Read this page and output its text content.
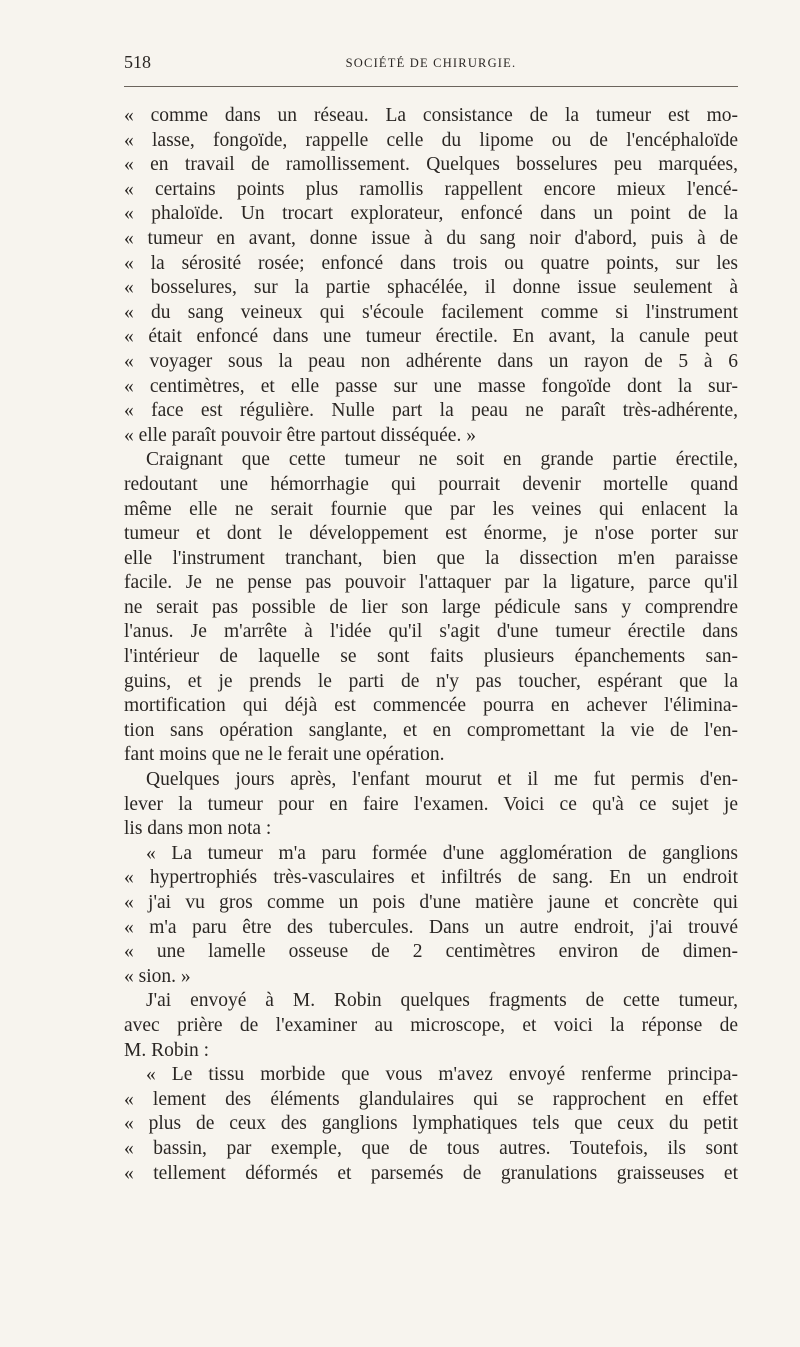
518	SOCIÉTÉ DE CHIRURGIE.
« comme dans un réseau. La consistance de la tumeur est mo-
« lasse, fongoïde, rappelle celle du lipome ou de l'encéphaloïde
« en travail de ramollissement. Quelques bosselures peu marquées,
« certains points plus ramollis rappellent encore mieux l'encé-
« phaloïde. Un trocart explorateur, enfoncé dans un point de la
« tumeur en avant, donne issue à du sang noir d'abord, puis à de
« la sérosité rosée; enfoncé dans trois ou quatre points, sur les
« bosselures, sur la partie sphacélée, il donne issue seulement à
« du sang veineux qui s'écoule facilement comme si l'instrument
« était enfoncé dans une tumeur érectile. En avant, la canule peut
« voyager sous la peau non adhérente dans un rayon de 5 à 6
« centimètres, et elle passe sur une masse fongoïde dont la sur-
« face est régulière. Nulle part la peau ne paraît très-adhérente,
« elle paraît pouvoir être partout disséquée. »
Craignant que cette tumeur ne soit en grande partie érectile,
redoutant une hémorrhagie qui pourrait devenir mortelle quand
même elle ne serait fournie que par les veines qui enlacent la
tumeur et dont le développement est énorme, je n'ose porter sur
elle l'instrument tranchant, bien que la dissection m'en paraisse
facile. Je ne pense pas pouvoir l'attaquer par la ligature, parce qu'il
ne serait pas possible de lier son large pédicule sans y comprendre
l'anus. Je m'arrête à l'idée qu'il s'agit d'une tumeur érectile dans
l'intérieur de laquelle se sont faits plusieurs épanchements san-
guins, et je prends le parti de n'y pas toucher, espérant que la
mortification qui déjà est commencée pourra en achever l'élimina-
tion sans opération sanglante, et en compromettant la vie de l'en-
fant moins que ne le ferait une opération.
Quelques jours après, l'enfant mourut et il me fut permis d'en-
lever la tumeur pour en faire l'examen. Voici ce qu'à ce sujet je
lis dans mon nota :
« La tumeur m'a paru formée d'une agglomération de ganglions
« hypertrophiés très-vasculaires et infiltrés de sang. En un endroit
« j'ai vu gros comme un pois d'une matière jaune et concrète qui
« m'a paru être des tubercules. Dans un autre endroit, j'ai trouvé
« une lamelle osseuse de 2 centimètres environ de dimen-
« sion. »
J'ai envoyé à M. Robin quelques fragments de cette tumeur,
avec prière de l'examiner au microscope, et voici la réponse de
M. Robin :
« Le tissu morbide que vous m'avez envoyé renferme principa-
« lement des éléments glandulaires qui se rapprochent en effet
« plus de ceux des ganglions lymphatiques tels que ceux du petit
« bassin, par exemple, que de tous autres. Toutefois, ils sont
« tellement déformés et parsemés de granulations graisseuses et
